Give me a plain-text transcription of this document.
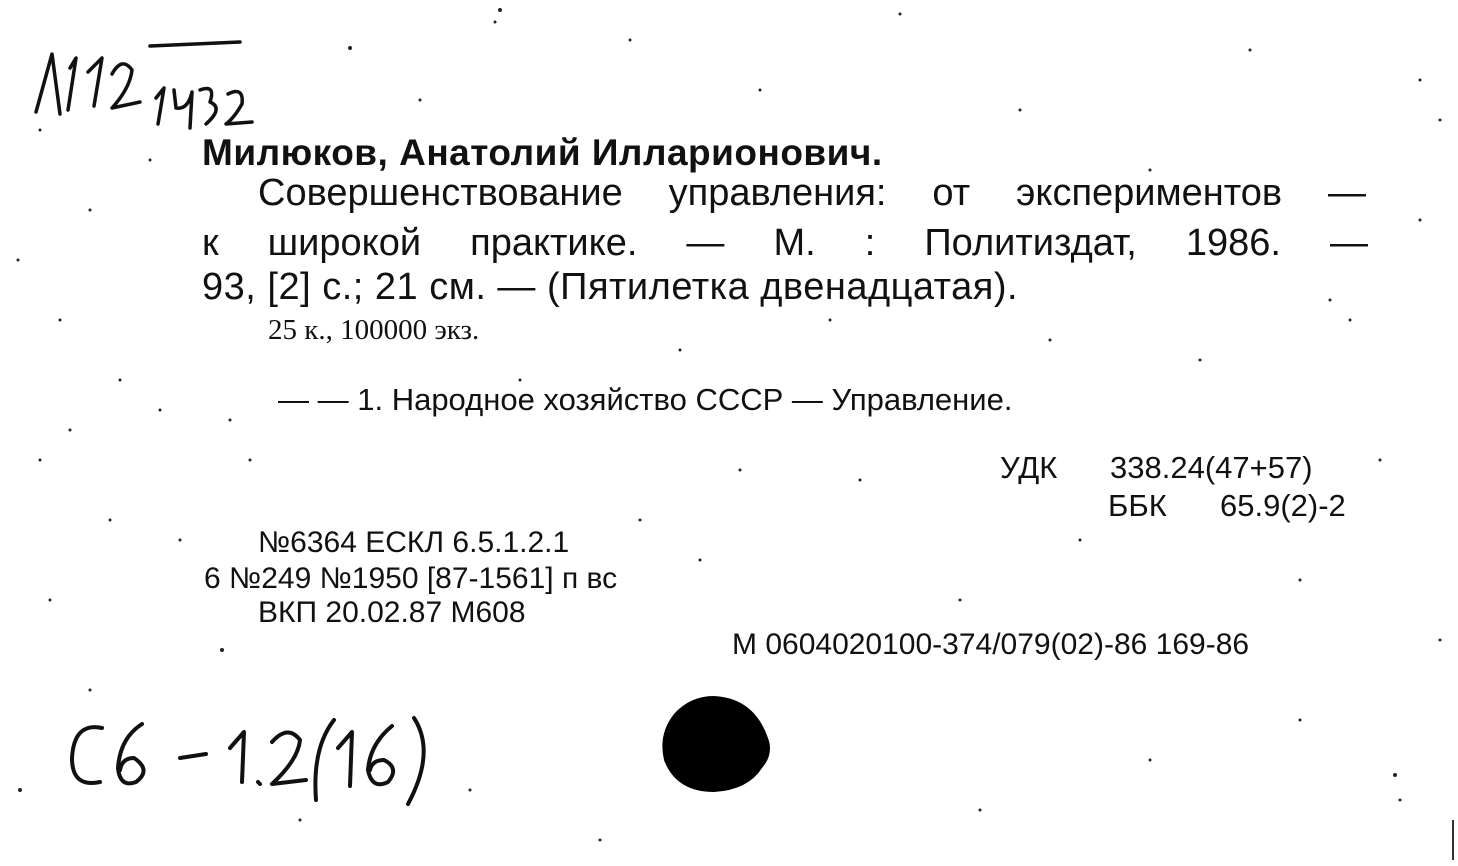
Милюков, Анатолий Илларионович.

Совершенствование управления: от экспериментов —

к широкой практике. — М. : Политиздат, 1986. —

93, [2] с.; 21 см. — (Пятилетка двенадцатая).

25 к., 100000 экз.

— — 1. Народное хозяйство СССР — Управление.

УДК 338.24(47+57)

ББК 65.9(2)-2

№6364 ЕСКЛ 6.5.1.2.1

6 №249 №1950 [87-1561] п вс

ВКП 20.02.87 М608

М 0604020100-374/079(02)-86 169-86
